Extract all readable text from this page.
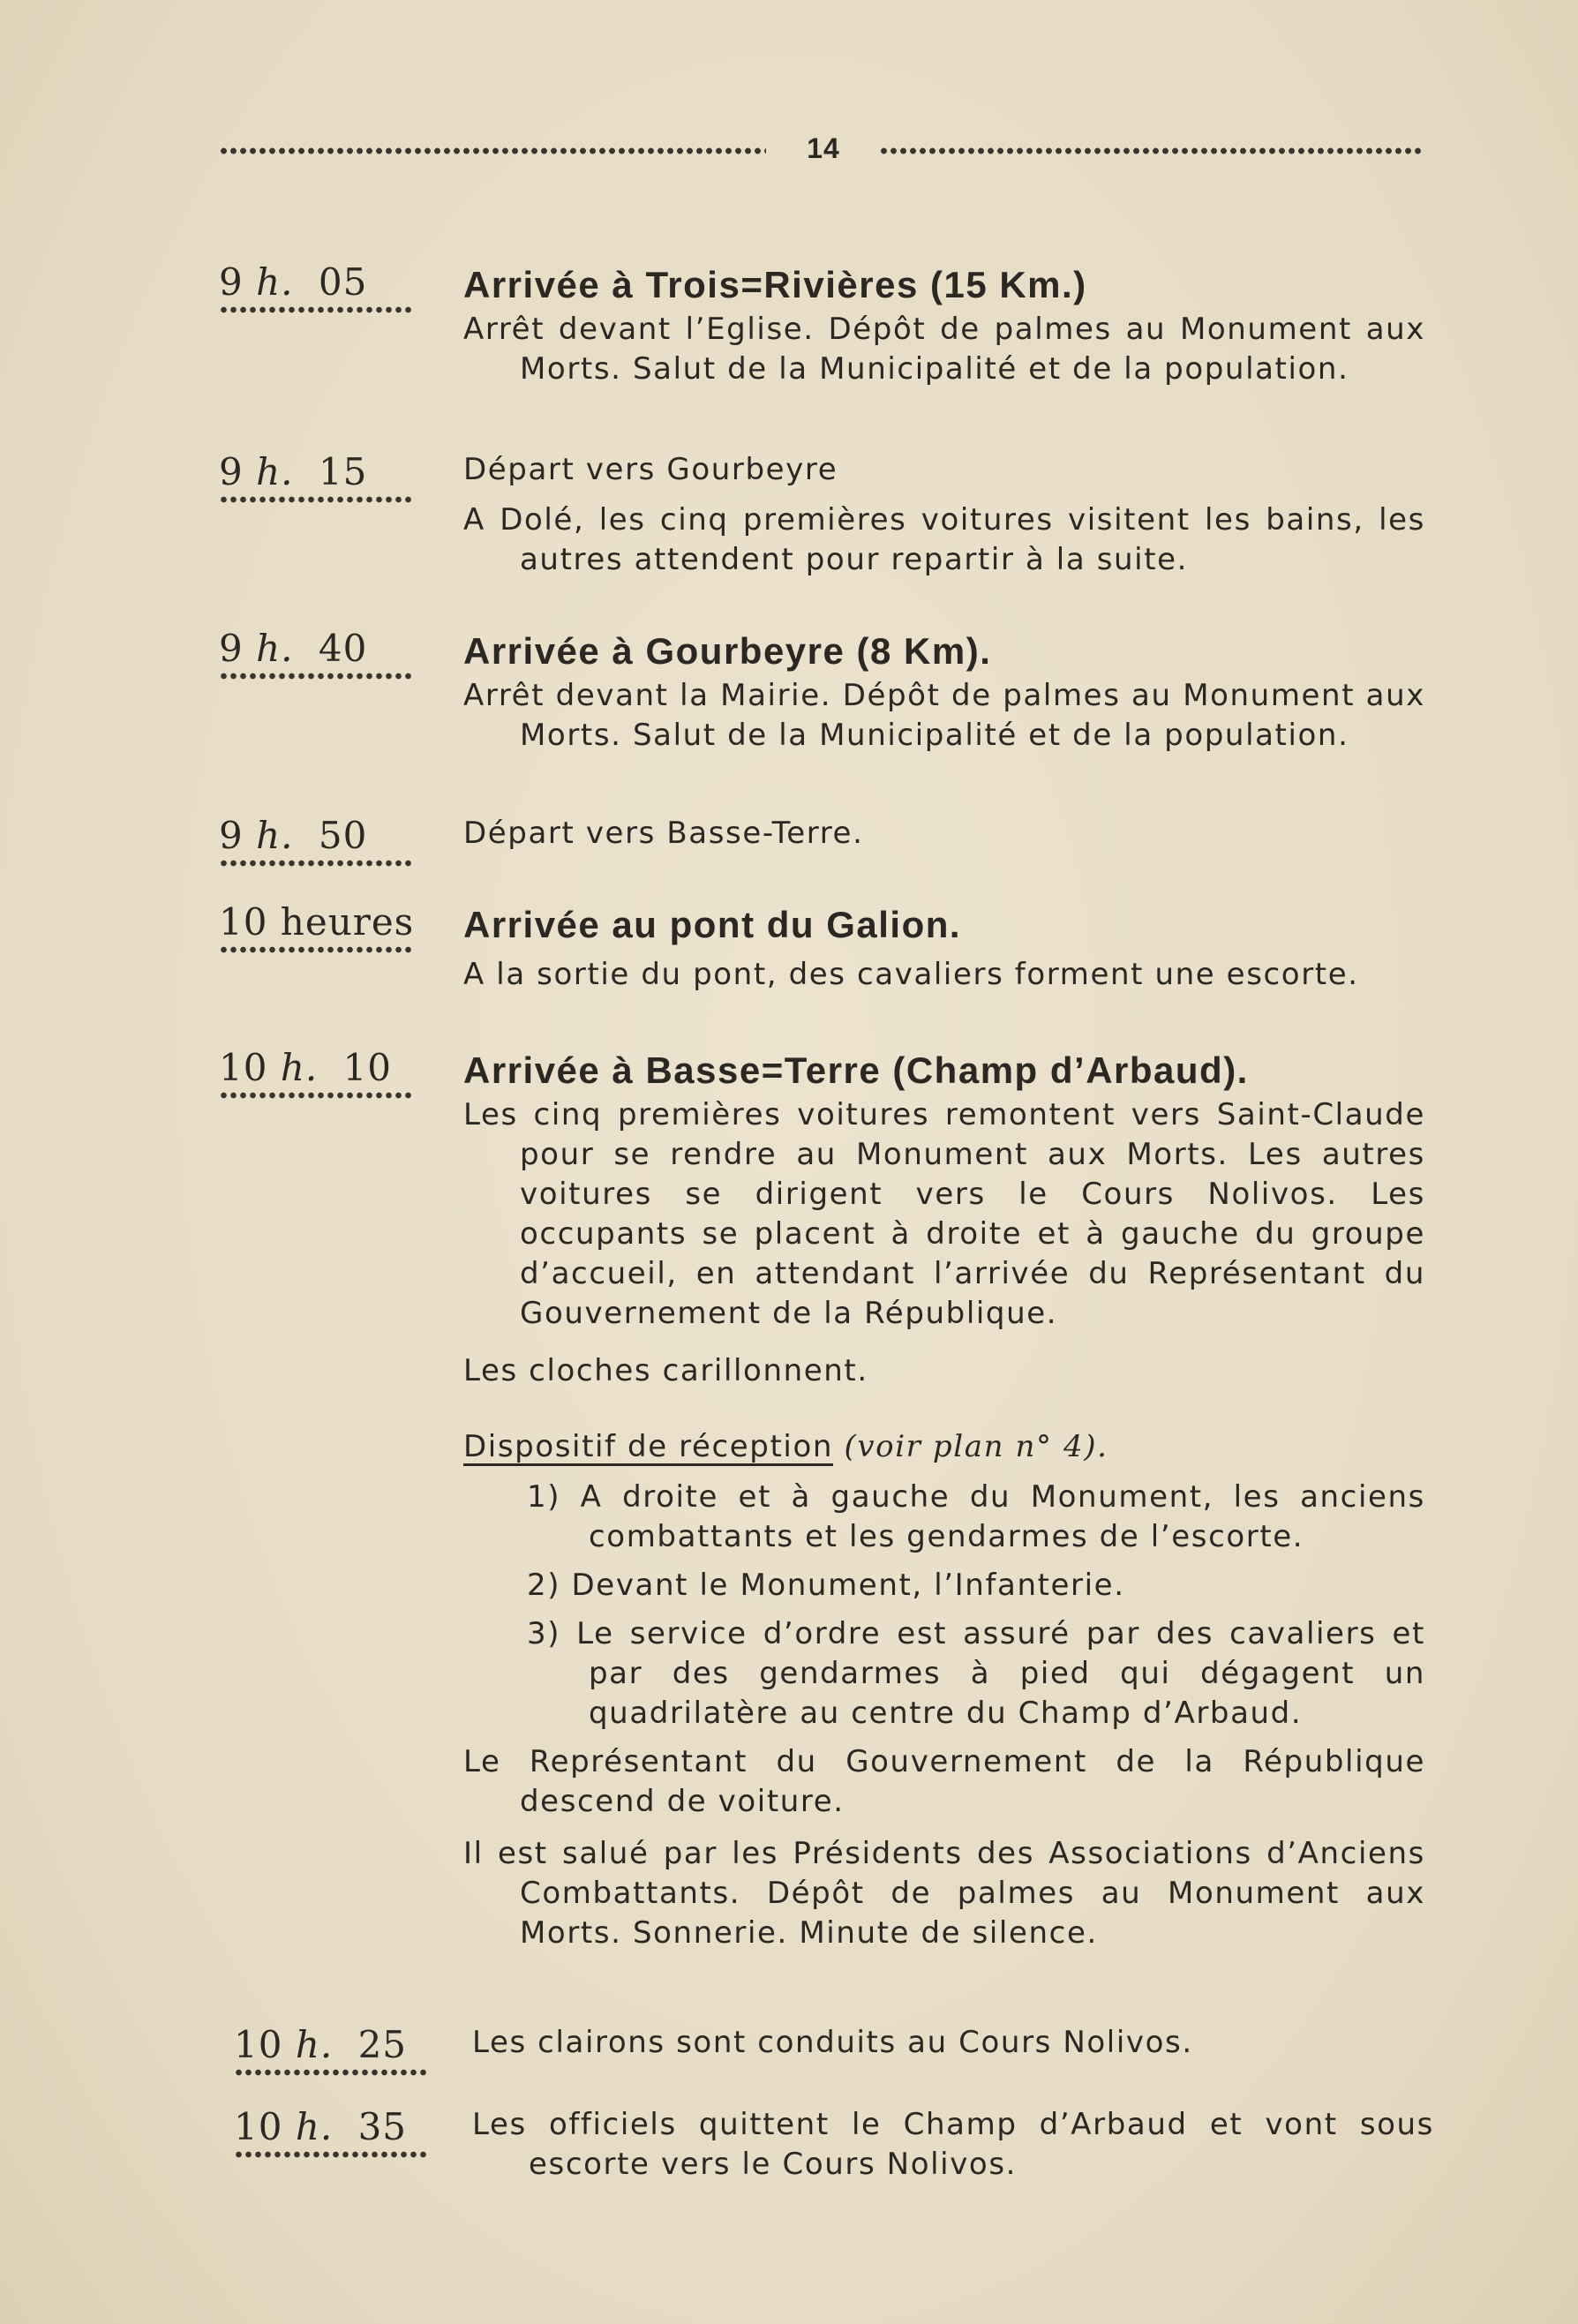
14
9 h. 05	Arrivée à Trois=Rivières (15 Km.)

Arrêt devant l’Eglise. Dépôt de palmes au Monument aux Morts. Salut de la Municipalité et de la population.

9 h. 15	Départ vers Gourbeyre

A Dolé, les cinq premières voitures visitent les bains, les autres attendent pour repartir à la suite.

9 h. 40	Arrivée à Gourbeyre (8 Km).

Arrêt devant la Mairie. Dépôt de palmes au Monument aux Morts. Salut de la Municipalité et de la population.

9 h. 50	Départ vers Basse-Terre.

10 heures Arrivée au pont du Galion.

A la sortie du pont, des cavaliers forment une escorte.

10 h. 10	Arrivée à Basse=Terre (Champ d’Arbaud).

Les cinq premières voitures remontent vers Saint-Claude pour se rendre au Monument aux Morts. Les autres voitures se dirigent vers le Cours Nolivos. Les occupants se placent à droite et à gauche du groupe d’accueil, en attendant l’arrivée du Représentant du Gouvernement de la République.

Les cloches carillonnent.

Dispositif de réception (voir plan n° 4).

1) A droite et à gauche du Monument, les anciens combattants et les gendarmes de l’escorte.

2) Devant le Monument, l’Infanterie.

3) Le service d’ordre est assuré par des cavaliers et par des gendarmes à pied qui dégagent un quadrilatère au centre du Champ d’Arbaud.

Le Représentant du Gouvernement de la République descend de voiture.

Il est salué par les Présidents des Associations d’Anciens Combattants. Dépôt de palmes au Monument aux Morts. Sonnerie. Minute de silence.

10 h. 25	Les clairons sont conduits au Cours Nolivos.

10 h. 35	Les officiels quittent le Champ d’Arbaud et vont sous escorte vers le Cours Nolivos.
